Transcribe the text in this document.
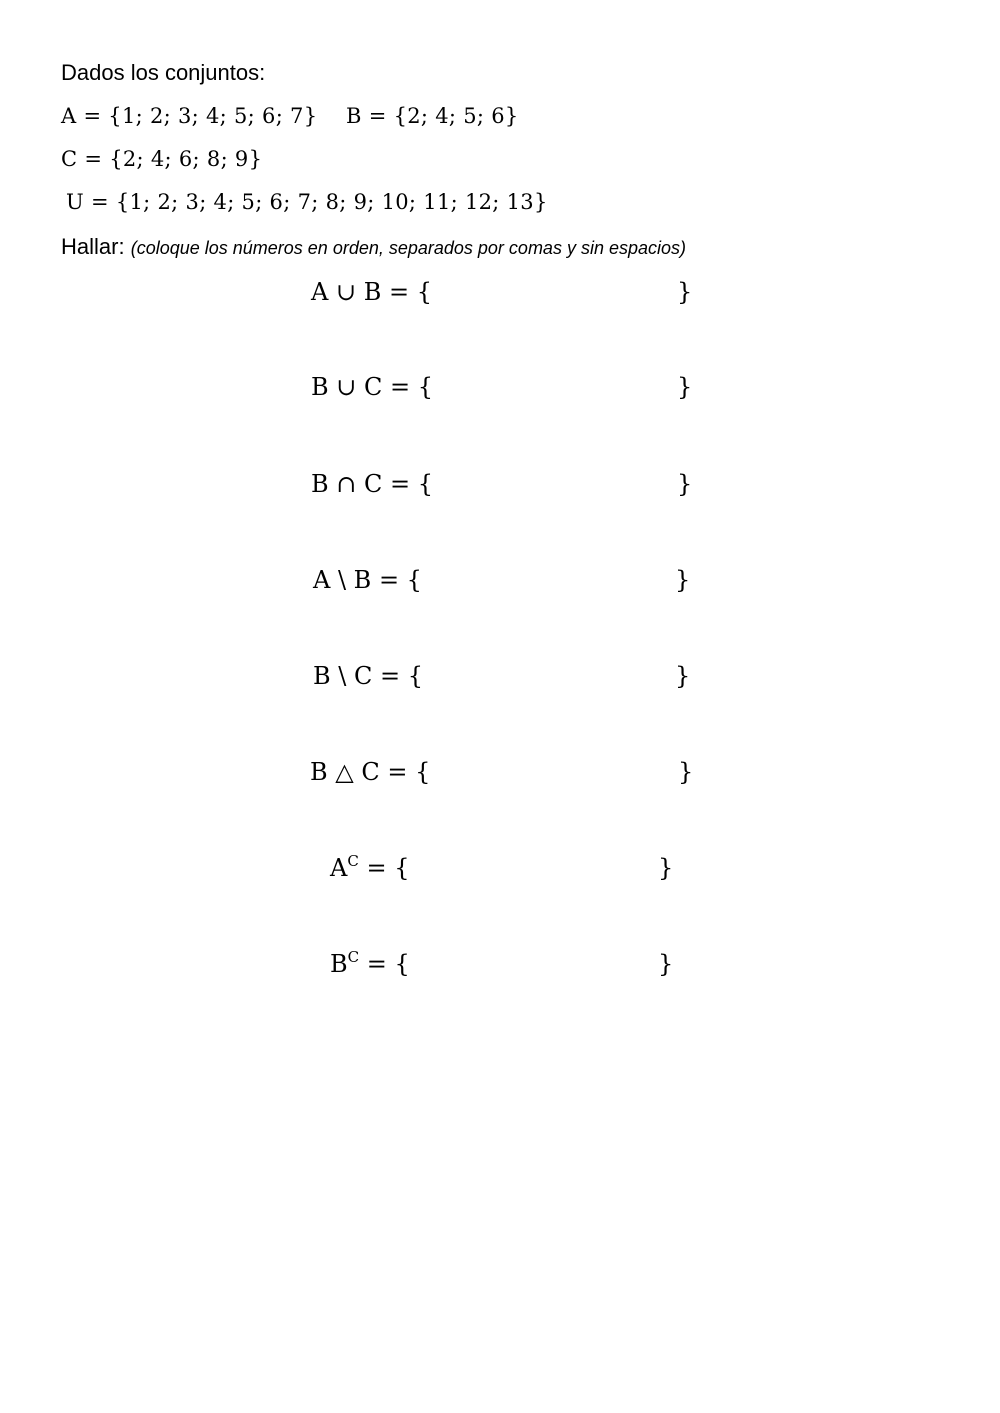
Dados los conjuntos:
A = {1; 2; 3; 4; 5; 6; 7} B = {2; 4; 5; 6}
C = {2; 4; 6; 8; 9}
U = {1; 2; 3; 4; 5; 6; 7; 8; 9; 10; 11; 12; 13}
Hallar: (coloque los números en orden, separados por comas y sin espacios)
A ∪ B = {	}
B ∪ C = {	}
B ∩ C = {	}
A \ B = {	}
B \ C = {	}
B △ C = {	}
$A^C$ = {	}
$B^C$ = {	}
